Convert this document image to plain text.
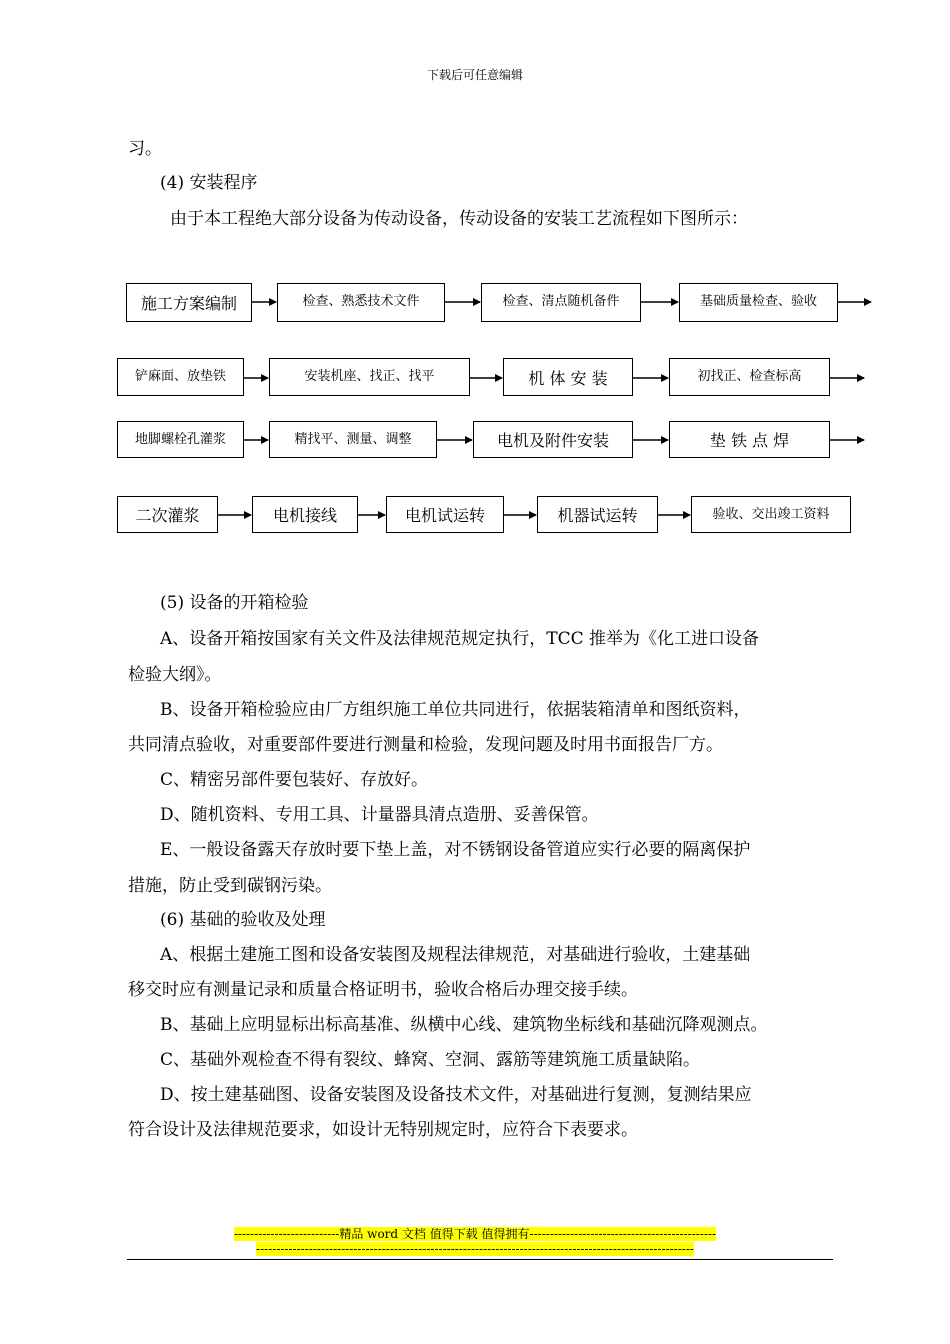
下载后可任意编辑
习。
(4) 安装程序
由于本工程绝大部分设备为传动设备，传动设备的安装工艺流程如下图所示：
施工方案编制	检查、熟悉技术文件	检查、清点随机备件	基础质量检查、验收
铲麻面、放垫铁	安装机座、找正、找平	机 体 安 装	初找正、检查标高
地脚螺栓孔灌浆	精找平、测量、调整	电机及附件安装	垫 铁 点 焊
二次灌浆	电机接线	电机试运转	机器试运转	验收、交出竣工资料
(5) 设备的开箱检验
A、设备开箱按国家有关文件及法律规范规定执行，TCC 推举为《化工进口设备
检验大纲》。
B、设备开箱检验应由厂方组织施工单位共同进行，依据装箱清单和图纸资料，
共同清点验收，对重要部件要进行测量和检验，发现问题及时用书面报告厂方。
C、精密另部件要包装好、存放好。
D、随机资料、专用工具、计量器具清点造册、妥善保管。
E、一般设备露天存放时要下垫上盖，对不锈钢设备管道应实行必要的隔离保护
措施，防止受到碳钢污染。
(6) 基础的验收及处理
A、根据土建施工图和设备安装图及规程法律规范，对基础进行验收，土建基础
移交时应有测量记录和质量合格证明书，验收合格后办理交接手续。
B、基础上应明显标出标高基准、纵横中心线、建筑物坐标线和基础沉降观测点。
C、基础外观检查不得有裂纹、蜂窝、空洞、露筋等建筑施工质量缺陷。
D、按土建基础图、设备安装图及设备技术文件，对基础进行复测，复测结果应
符合设计及法律规范要求，如设计无特别规定时，应符合下表要求。
--------------------------精品 word 文档 值得下载 值得拥有----------------------------------------------
------------------------------------------------------------------------------------------------------------
